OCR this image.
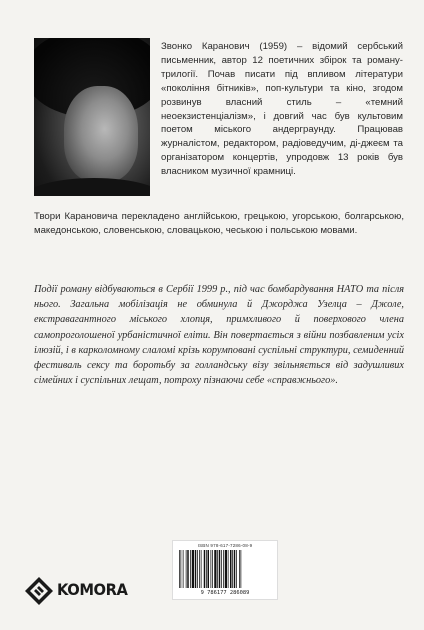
Звонко Каранович (1959) – відомий сербський письменник, автор 12 поетичних збірок та роману-трилогії. Почав писати під впливом літератури «покоління бітників», поп-культури та кіно, згодом розвинув власний стиль – «темний неоекзистенціалізм», і довгий час був культовим поетом міського андерграунду. Працював журналістом, редактором, радіоведучим, ді-джеєм та організатором концертів, упродовж 13 років був власником музичної крамниці.

Твори Карановича перекладено англійською, грецькою, угорською, болгарською, македонською, словенською, словацькою, чеською і польською мовами.

Події роману відбуваються в Сербії 1999 р., під час бомбардування НАТО та після нього. Загальна мобілізація не обминула й Джорджа Узелца – Джоле, екстравагантного міського хлопця, примхливого й поверхового члена самопроголошеної урбаністичної еліти. Він повертається з війни позбавленим усіх ілюзій, і в карколомному слаломі крізь корумповані суспільні структури, семиденний фестиваль сексу та боротьбу за голландську візу звільняється від задушливих сімейних і суспільних лещат, потроху пізнаючи себе «справжнього».

ISBN 978-617-7286-08-9
9 786177 286089
KOMORA
